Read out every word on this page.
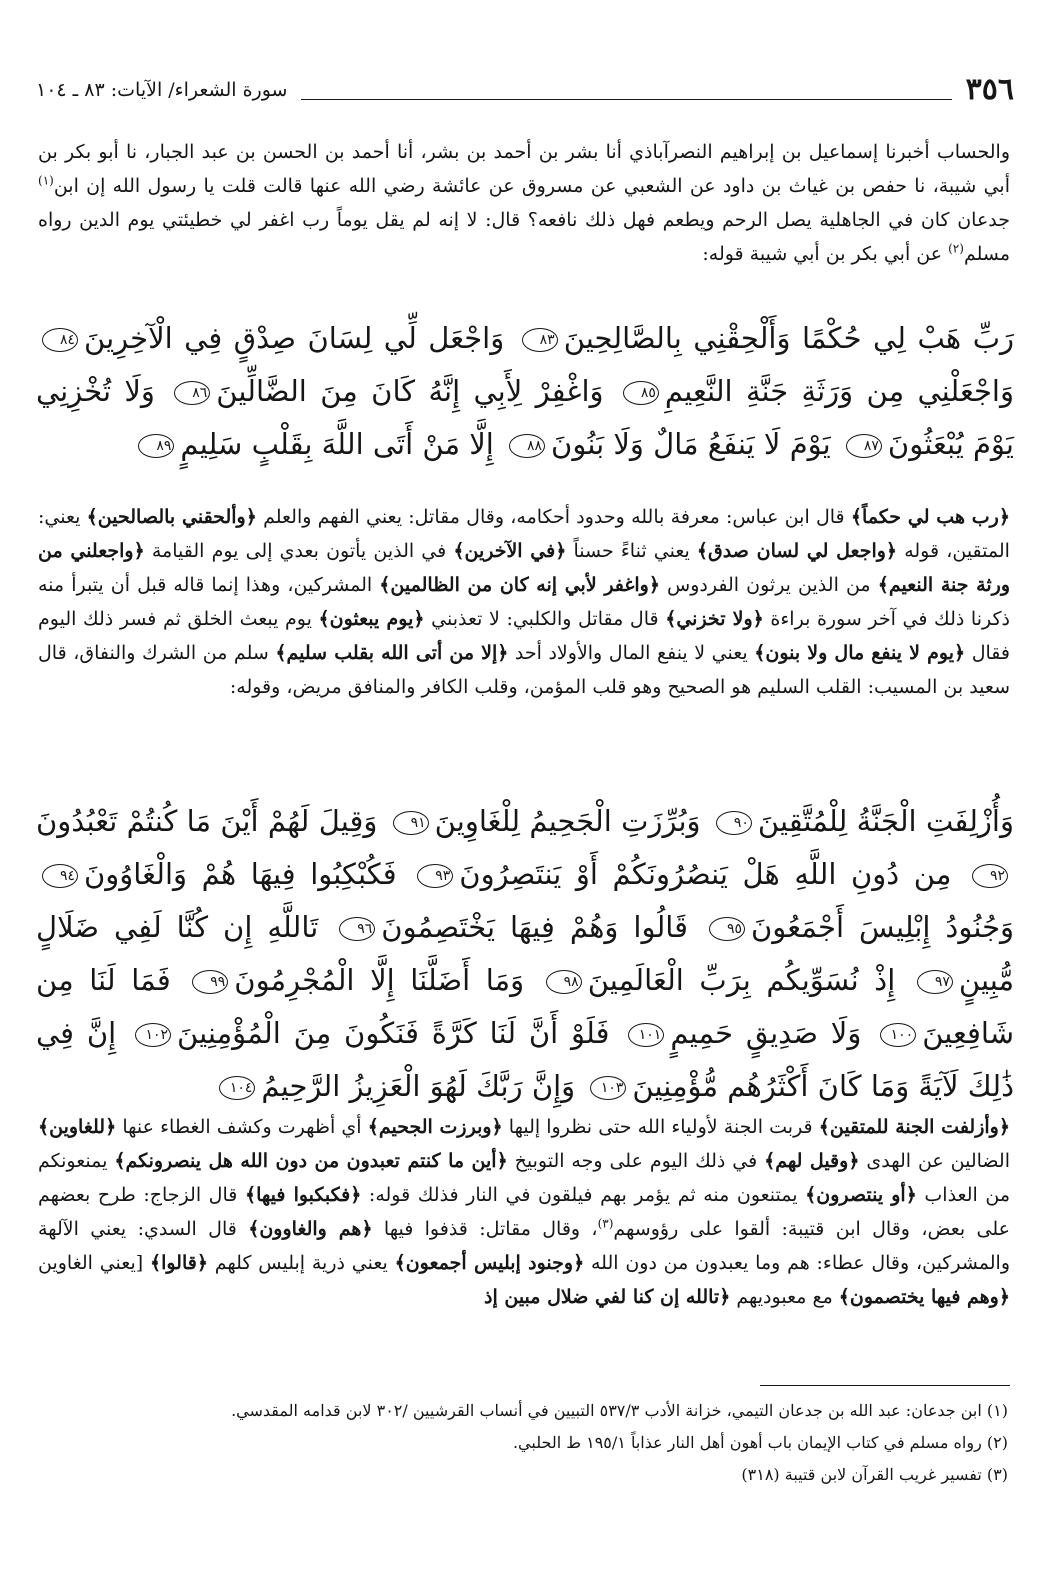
٣٥٦
سورة الشعراء/ الآيات: ٨٣ ـ ١٠٤

والحساب أخبرنا إسماعيل بن إبراهيم النصرآباذي أنا بشر بن أحمد بن بشر، أنا أحمد بن الحسن بن عبد الجبار، نا أبو بكر بن أبي شيبة، نا حفص بن غياث بن داود عن الشعبي عن مسروق عن عائشة رضي الله عنها قالت قلت يا رسول الله إن ابن$^{(١)}$ جدعان كان في الجاهلية يصل الرحم ويطعم فهل ذلك نافعه؟ قال: لا إنه لم يقل يوماً رب اغفر لي خطيئتي يوم الدين رواه مسلم$^{(٢)}$ عن أبي بكر بن أبي شيبة قوله:

رَبِّ هَبْ لِي حُكْمًا وَأَلْحِقْنِي بِالصَّالِحِينَ٨٣ وَاجْعَل لِّي لِسَانَ صِدْقٍ فِي الْآخِرِينَ٨٤ وَاجْعَلْنِي مِن وَرَثَةِ جَنَّةِ النَّعِيمِ٨٥ وَاغْفِرْ لِأَبِي إِنَّهُ كَانَ مِنَ الضَّالِّينَ٨٦ وَلَا تُخْزِنِي يَوْمَ يُبْعَثُونَ٨٧ يَوْمَ لَا يَنفَعُ مَالٌ وَلَا بَنُونَ٨٨ إِلَّا مَنْ أَتَى اللَّهَ بِقَلْبٍ سَلِيمٍ٨٩

﴿رب هب لي حكماً﴾ قال ابن عباس: معرفة بالله وحدود أحكامه، وقال مقاتل: يعني الفهم والعلم ﴿وألحقني بالصالحين﴾ يعني: المتقين، قوله ﴿واجعل لي لسان صدق﴾ يعني ثناءً حسناً ﴿في الآخرين﴾ في الذين يأتون بعدي إلى يوم القيامة ﴿واجعلني من ورثة جنة النعيم﴾ من الذين يرثون الفردوس ﴿واغفر لأبي إنه كان من الظالمين﴾ المشركين، وهذا إنما قاله قبل أن يتبرأ منه ذكرنا ذلك في آخر سورة براءة ﴿ولا تخزني﴾ قال مقاتل والكلبي: لا تعذبني ﴿يوم يبعثون﴾ يوم يبعث الخلق ثم فسر ذلك اليوم فقال ﴿يوم لا ينفع مال ولا بنون﴾ يعني لا ينفع المال والأولاد أحد ﴿إلا من أتى الله بقلب سليم﴾ سلم من الشرك والنفاق، قال سعيد بن المسيب: القلب السليم هو الصحيح وهو قلب المؤمن، وقلب الكافر والمنافق مريض، وقوله:

وَأُزْلِفَتِ الْجَنَّةُ لِلْمُتَّقِينَ٩٠ وَبُرِّزَتِ الْجَحِيمُ لِلْغَاوِينَ٩١ وَقِيلَ لَهُمْ أَيْنَ مَا كُنتُمْ تَعْبُدُونَ٩٢ مِن دُونِ اللَّهِ هَلْ يَنصُرُونَكُمْ أَوْ يَنتَصِرُونَ٩٣ فَكُبْكِبُوا فِيهَا هُمْ وَالْغَاوُونَ٩٤ وَجُنُودُ إِبْلِيسَ أَجْمَعُونَ٩٥ قَالُوا وَهُمْ فِيهَا يَخْتَصِمُونَ٩٦ تَاللَّهِ إِن كُنَّا لَفِي ضَلَالٍ مُّبِينٍ٩٧ إِذْ نُسَوِّيكُم بِرَبِّ الْعَالَمِينَ٩٨ وَمَا أَضَلَّنَا إِلَّا الْمُجْرِمُونَ٩٩ فَمَا لَنَا مِن شَافِعِينَ١٠٠ وَلَا صَدِيقٍ حَمِيمٍ١٠١ فَلَوْ أَنَّ لَنَا كَرَّةً فَنَكُونَ مِنَ الْمُؤْمِنِينَ١٠٢ إِنَّ فِي ذَٰلِكَ لَآيَةً وَمَا كَانَ أَكْثَرُهُم مُّؤْمِنِينَ١٠٣ وَإِنَّ رَبَّكَ لَهُوَ الْعَزِيزُ الرَّحِيمُ١٠٤

﴿وأزلفت الجنة للمتقين﴾ قربت الجنة لأولياء الله حتى نظروا إليها ﴿وبرزت الجحيم﴾ أي أظهرت وكشف الغطاء عنها ﴿للغاوين﴾ الضالين عن الهدى ﴿وقيل لهم﴾ في ذلك اليوم على وجه التوبيخ ﴿أين ما كنتم تعبدون من دون الله هل ينصرونكم﴾ يمنعونكم من العذاب ﴿أو ينتصرون﴾ يمتنعون منه ثم يؤمر بهم فيلقون في النار فذلك قوله: ﴿فكبكبوا فيها﴾ قال الزجاج: طرح بعضهم على بعض، وقال ابن قتيبة: ألقوا على رؤوسهم$^{(٣)}$، وقال مقاتل: قذفوا فيها ﴿هم والغاوون﴾ قال السدي: يعني الآلهة والمشركين، وقال عطاء: هم وما يعبدون من دون الله ﴿وجنود إبليس أجمعون﴾ يعني ذرية إبليس كلهم ﴿قالوا﴾ [يعني الغاوين ﴿وهم فيها يختصمون﴾ مع معبوديهم ﴿تالله إن كنا لفي ضلال مبين إذ

(١) ابن جدعان: عبد الله بن جدعان التيمي، خزانة الأدب ٥٣٧/٣ التبيين في أنساب القرشيين /٣٠٢ لابن قدامه المقدسي.

(٢) رواه مسلم في كتاب الإيمان باب أهون أهل النار عذاباً ١٩٥/١ ط الحلبي.

(٣) تفسير غريب القرآن لابن قتيبة (٣١٨)
